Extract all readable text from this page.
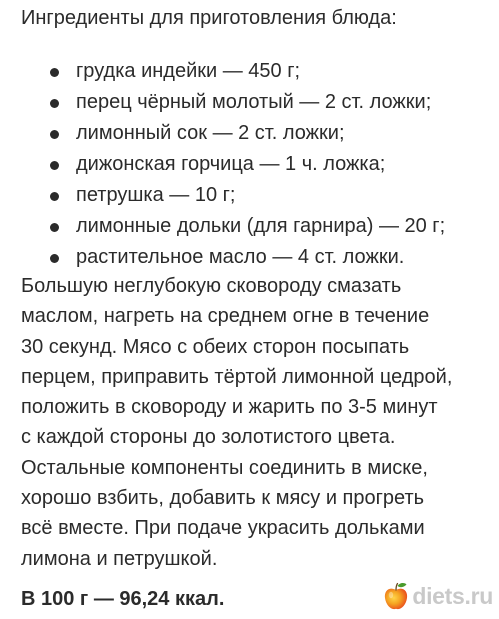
Ингредиенты для приготовления блюда:
грудка индейки — 450 г;
перец чёрный молотый — 2 ст. ложки;
лимонный сок — 2 ст. ложки;
дижонская горчица — 1 ч. ложка;
петрушка — 10 г;
лимонные дольки (для гарнира) — 20 г;
растительное масло — 4 ст. ложки.

Большую неглубокую сковороду смазать
маслом, нагреть на среднем огне в течение
30 секунд. Мясо с обеих сторон посыпать
перцем, приправить тёртой лимонной цедрой,
положить в сковороду и жарить по 3-5 минут
с каждой стороны до золотистого цвета.
Остальные компоненты соединить в миске,
хорошо взбить, добавить к мясу и прогреть
всё вместе. При подаче украсить дольками
лимона и петрушкой.

В 100 г — 96,24 ккал.	diets.ru
